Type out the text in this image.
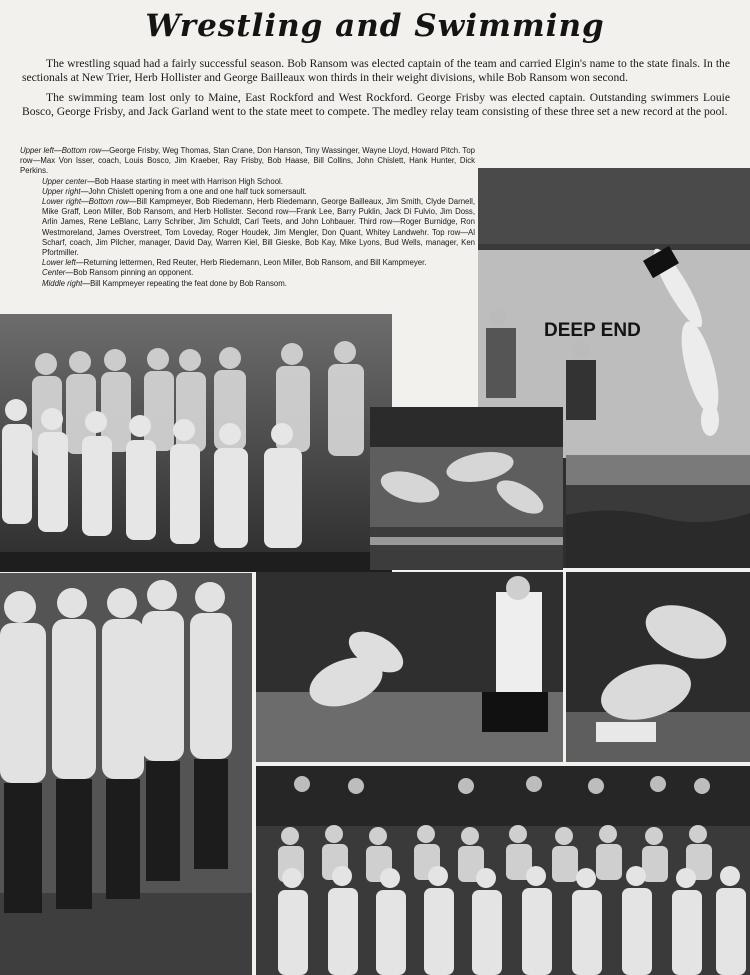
Wrestling and Swimming

The wrestling squad had a fairly successful season. Bob Ransom was elected captain of the team and carried Elgin's name to the state finals. In the sectionals at New Trier, Herb Hollister and George Bailleaux won thirds in their weight divisions, while Bob Ransom won second.

The swimming team lost only to Maine, East Rockford and West Rockford. George Frisby was elected captain. Outstanding swimmers Louie Bosco, George Frisby, and Jack Garland went to the state meet to compete. The medley relay team consisting of these three set a new record at the pool.

Upper left—Bottom row—George Frisby, Weg Thomas, Stan Crane, Don Hanson, Tiny Wassinger, Wayne Lloyd, Howard Pitch. Top row—Max Von Isser, coach, Louis Bosco, Jim Kraeber, Ray Frisby, Bob Haase, Bill Collins, John Chislett, Hank Hunter, Dick Perkins.

Upper center—Bob Haase starting in meet with Harrison High School.

Upper right—John Chislett opening from a one and one half tuck somersault.

Lower right—Bottom row—Bill Kampmeyer, Bob Riedemann, Herb Riedemann, George Bailleaux, Jim Smith, Clyde Darnell, Mike Graff, Leon Miller, Bob Ransom, and Herb Hollister. Second row—Frank Lee, Barry Puklin, Jack Di Fulvio, Jim Doss, Arlin James, Rene LeBlanc, Larry Schriber, Jim Schuldt, Carl Teets, and John Lohbauer. Third row—Roger Burnidge, Ron Westmoreland, James Overstreet, Tom Loveday, Roger Houdek, Jim Mengler, Don Quant, Whitey Landwehr. Top row—Al Scharf, coach, Jim Pilcher, manager, David Day, Warren Kiel, Bill Gieske, Bob Kay, Mike Lyons, Bud Wells, manager, Ken Pfortmiller.

Lower left—Returning lettermen, Red Reuter, Herb Riedemann, Leon Miller, Bob Ransom, and Bill Kampmeyer.

Center—Bob Ransom pinning an opponent.

Middle right—Bill Kampmeyer repeating the feat done by Bob Ransom.

DEEP END
